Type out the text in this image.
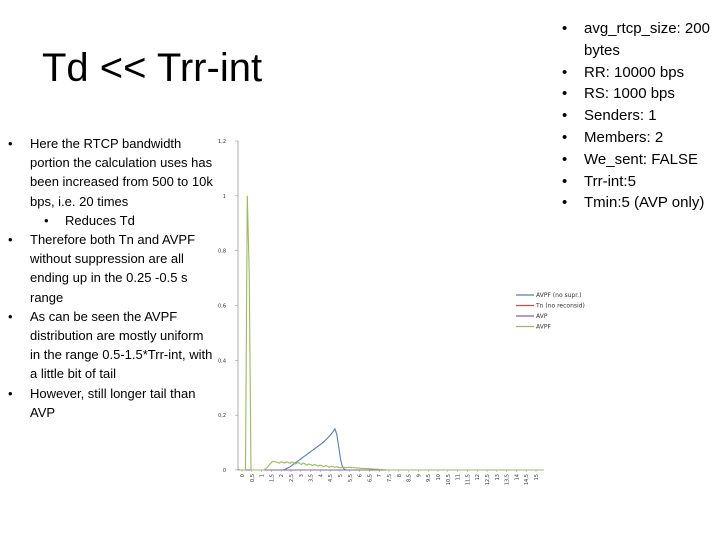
Td << Trr-int
• Here the RTCP bandwidth portion the calculation uses has been increased from 500 to 10k bps, i.e. 20 times
• Reduces Td
• Therefore both Tn and AVPF without suppression are all ending up in the 0.25 -0.5 s range
• As can be seen the AVPF distribution are mostly uniform in the range 0.5-1.5*Trr-int, with a little bit of tail
• However, still longer tail than AVP
• avg_rtcp_size: 200 bytes
• RR: 10000 bps
• RS: 1000 bps
• Senders: 1
• Members: 2
• We_sent: FALSE
• Trr-int:5
• Tmin:5 (AVP only)
0
0,2
0,4
0,6
0,8
1
1,2
0 0,5 1 1,5 2 2,5 3 3,5 4 4,5 5 5,5 6 6,5 7 7,5 8 8,5 9 9,5 10 10,5 11 11,5 12 12,5 13 13,5 14 14,5 15
AVPF (no supr.)
Tn (no reconsid)
AVP
AVPF
